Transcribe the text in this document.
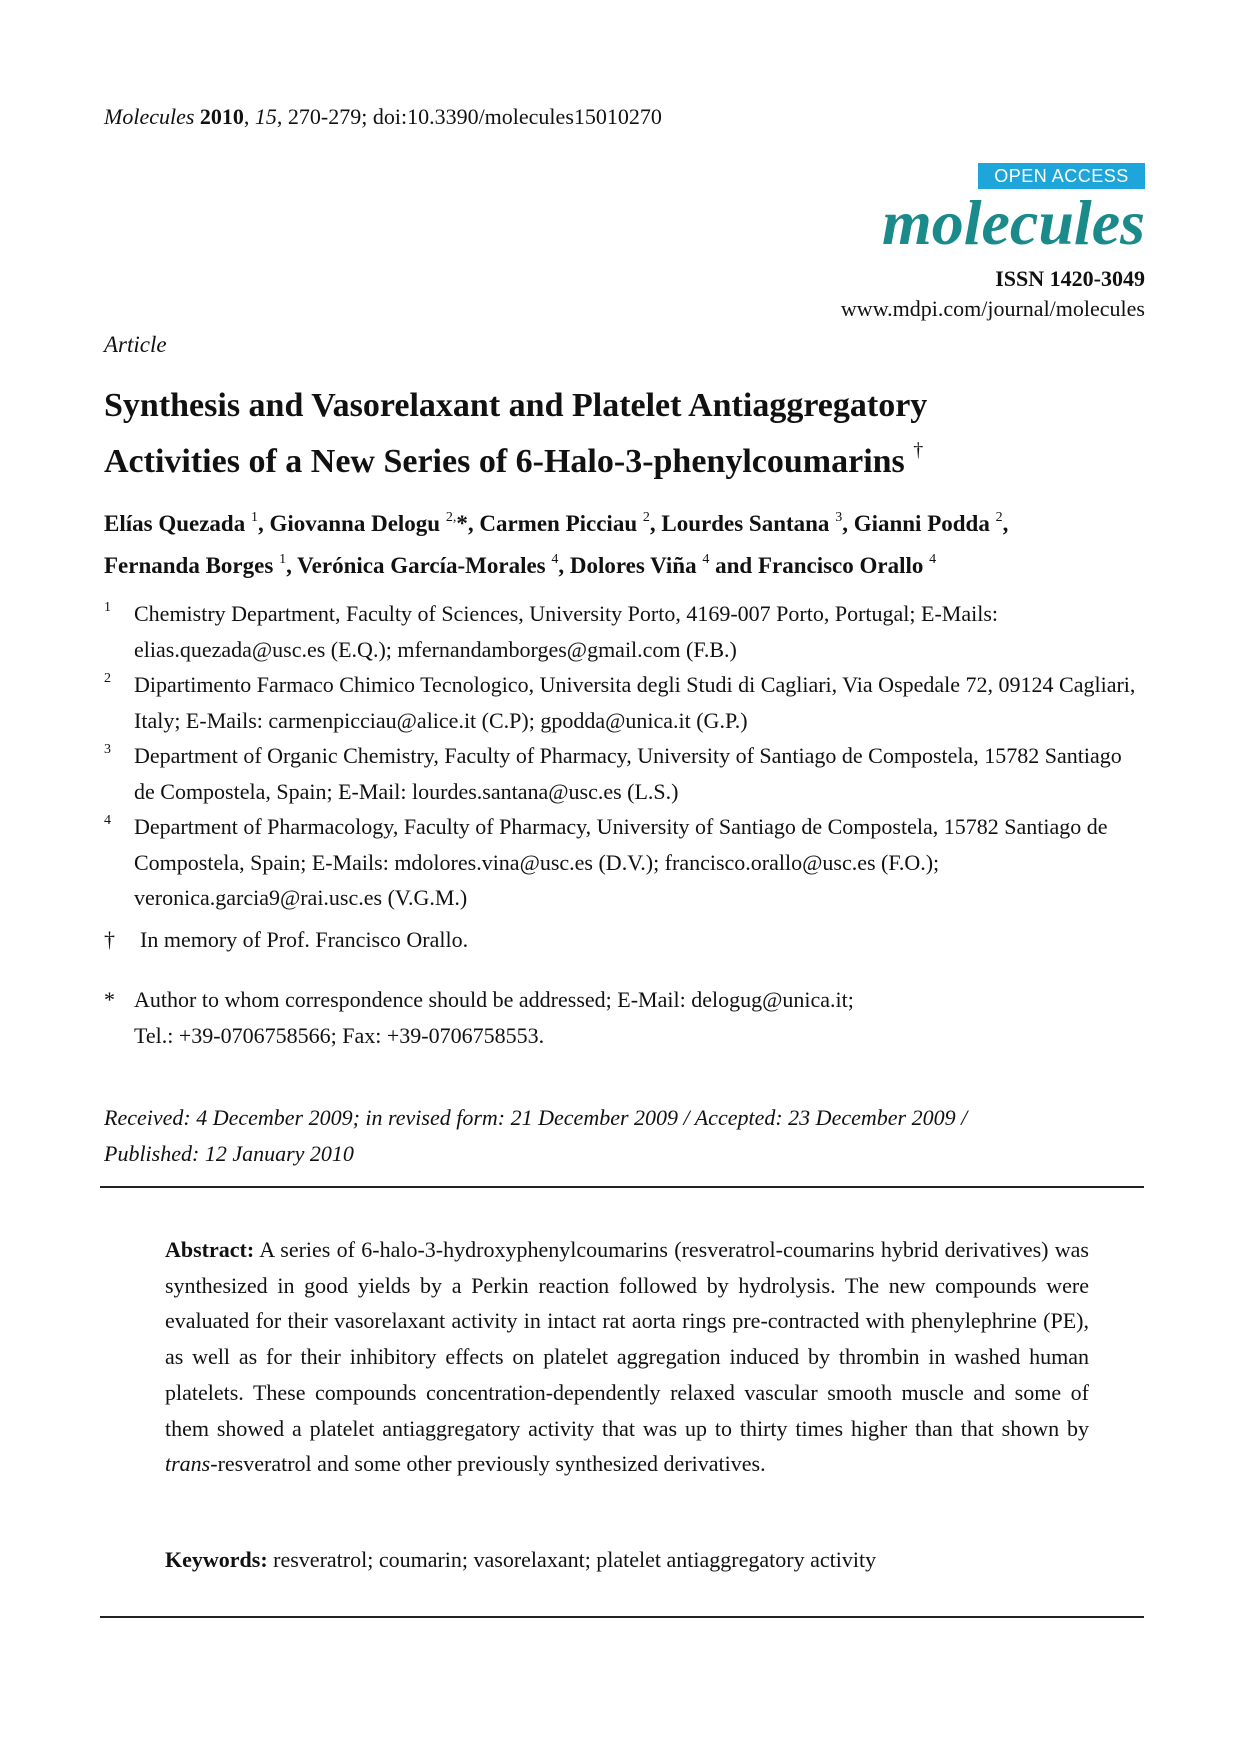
Molecules 2010, 15, 270-279; doi:10.3390/molecules15010270
OPEN ACCESS
molecules
ISSN 1420-3049
www.mdpi.com/journal/molecules
Article
Synthesis and Vasorelaxant and Platelet Antiaggregatory
Activities of a New Series of 6-Halo-3-phenylcoumarins †
Elías Quezada $^1$, Giovanna Delogu $^{2,}$*, Carmen Picciau $^2$, Lourdes Santana $^3$, Gianni Podda $^2$,
Fernanda Borges $^1$, Verónica García-Morales $^4$, Dolores Viña $^4$ and Francisco Orallo $^4$
1 Chemistry Department, Faculty of Sciences, University Porto, 4169-007 Porto, Portugal; E-Mails: elias.quezada@usc.es (E.Q.); mfernandamborges@gmail.com (F.B.)
2 Dipartimento Farmaco Chimico Tecnologico, Universita degli Studi di Cagliari, Via Ospedale 72, 09124 Cagliari, Italy; E-Mails: carmenpicciau@alice.it (C.P); gpodda@unica.it (G.P.)
3 Department of Organic Chemistry, Faculty of Pharmacy, University of Santiago de Compostela, 15782 Santiago de Compostela, Spain; E-Mail: lourdes.santana@usc.es (L.S.)
4 Department of Pharmacology, Faculty of Pharmacy, University of Santiago de Compostela, 15782 Santiago de Compostela, Spain; E-Mails: mdolores.vina@usc.es (D.V.); francisco.orallo@usc.es (F.O.); veronica.garcia9@rai.usc.es (V.G.M.)
† In memory of Prof. Francisco Orallo.
* Author to whom correspondence should be addressed; E-Mail: delogug@unica.it;
Tel.: +39-0706758566; Fax: +39-0706758553.
Received: 4 December 2009; in revised form: 21 December 2009 / Accepted: 23 December 2009 /
Published: 12 January 2010
Abstract: A series of 6-halo-3-hydroxyphenylcoumarins (resveratrol-coumarins hybrid derivatives) was synthesized in good yields by a Perkin reaction followed by hydrolysis. The new compounds were evaluated for their vasorelaxant activity in intact rat aorta rings pre-contracted with phenylephrine (PE), as well as for their inhibitory effects on platelet aggregation induced by thrombin in washed human platelets. These compounds concentration-dependently relaxed vascular smooth muscle and some of them showed a platelet antiaggregatory activity that was up to thirty times higher than that shown by trans-resveratrol and some other previously synthesized derivatives.
Keywords: resveratrol; coumarin; vasorelaxant; platelet antiaggregatory activity
